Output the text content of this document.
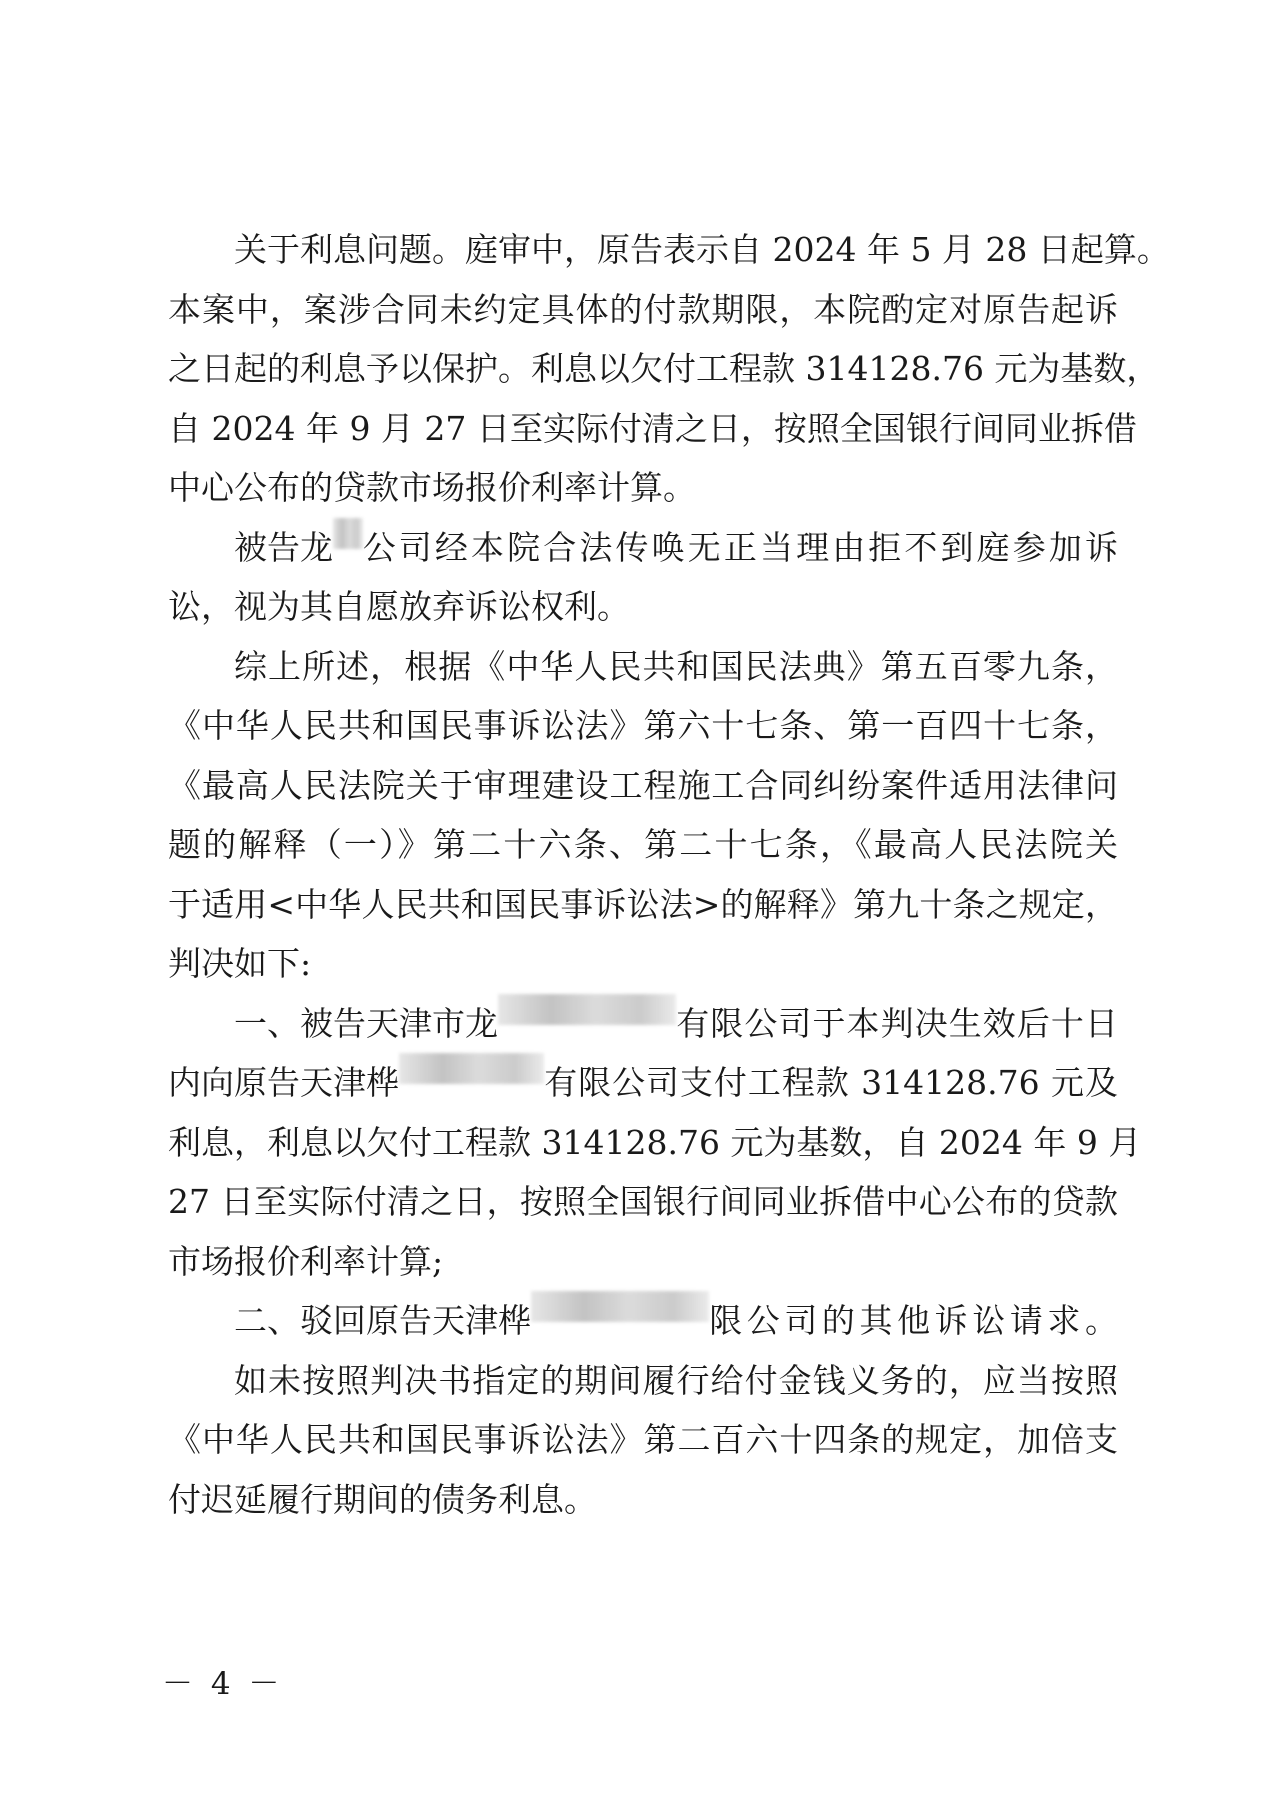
关于利息问题。庭审中，原告表示自 2024 年 5 月 28 日起算。
本案中，案涉合同未约定具体的付款期限，本院酌定对原告起诉
之日起的利息予以保护。利息以欠付工程款 314128.76 元为基数，
自 2024 年 9 月 27 日至实际付清之日，按照全国银行间同业拆借
中心公布的贷款市场报价利率计算。
被告龙 公司经本院合法传唤无正当理由拒不到庭参加诉
讼，视为其自愿放弃诉讼权利。
综上所述，根据《中华人民共和国民法典》第五百零九条，
《中华人民共和国民事诉讼法》第六十七条、第一百四十七条，
《最高人民法院关于审理建设工程施工合同纠纷案件适用法律问
题的解释（一）》第二十六条、第二十七条，《最高人民法院关
于适用<中华人民共和国民事诉讼法>的解释》第九十条之规定，
判决如下:
一、被告天津市龙	有限公司于本判决生效后十日
内向原告天津桦	有限公司支付工程款 314128.76 元及
利息，利息以欠付工程款 314128.76 元为基数，自 2024 年 9 月
27 日至实际付清之日，按照全国银行间同业拆借中心公布的贷款
市场报价利率计算;
二、驳回原告天津桦	限公司的其他诉讼请求。
如未按照判决书指定的期间履行给付金钱义务的，应当按照
《中华人民共和国民事诉讼法》第二百六十四条的规定，加倍支
付迟延履行期间的债务利息。
－ 4 －
